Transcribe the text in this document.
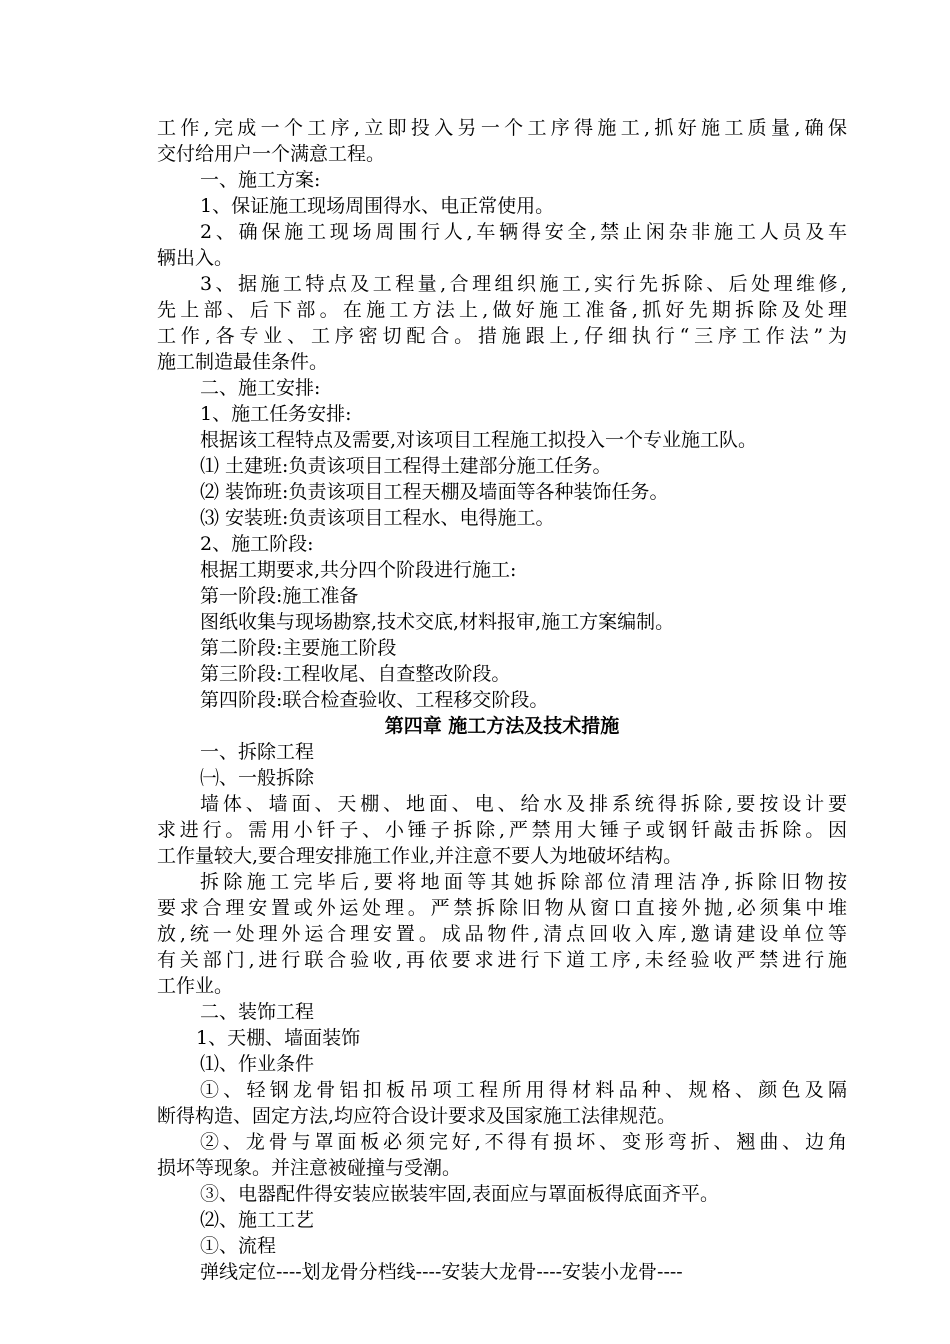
工作,完成一个工序,立即投入另一个工序得施工,抓好施工质量,确保
交付给用户一个满意工程。
一、施工方案:
1、保证施工现场周围得水、电正常使用。
2、确保施工现场周围行人,车辆得安全,禁止闲杂非施工人员及车
辆出入。
3、据施工特点及工程量,合理组织施工,实行先拆除、后处理维修,
先上部、后下部。在施工方法上,做好施工准备,抓好先期拆除及处理
工作,各专业、工序密切配合。措施跟上,仔细执行“三序工作法”为
施工制造最佳条件。
二、施工安排:
1、施工任务安排:
根据该工程特点及需要,对该项目工程施工拟投入一个专业施工队。
⑴ 土建班:负责该项目工程得土建部分施工任务。
⑵ 装饰班:负责该项目工程天棚及墙面等各种装饰任务。
⑶ 安装班:负责该项目工程水、电得施工。
2、施工阶段:
根据工期要求,共分四个阶段进行施工:
第一阶段:施工准备
图纸收集与现场勘察,技术交底,材料报审,施工方案编制。
第二阶段:主要施工阶段
第三阶段:工程收尾、自查整改阶段。
第四阶段:联合检查验收、工程移交阶段。
第四章 施工方法及技术措施
一、拆除工程
㈠、一般拆除
墙体、墙面、天棚、地面、电、给水及排系统得拆除,要按设计要
求进行。需用小钎子、小锤子拆除,严禁用大锤子或钢钎敲击拆除。因
工作量较大,要合理安排施工作业,并注意不要人为地破坏结构。
拆除施工完毕后,要将地面等其她拆除部位清理洁净,拆除旧物按
要求合理安置或外运处理。严禁拆除旧物从窗口直接外抛,必须集中堆
放,统一处理外运合理安置。成品物件,清点回收入库,邀请建设单位等
有关部门,进行联合验收,再依要求进行下道工序,未经验收严禁进行施
工作业。
二、装饰工程
1、天棚、墙面装饰
⑴、作业条件
①、轻钢龙骨铝扣板吊项工程所用得材料品种、规格、颜色及隔
断得构造、固定方法,均应符合设计要求及国家施工法律规范。
②、龙骨与罩面板必须完好,不得有损坏、变形弯折、翘曲、边角
损坏等现象。并注意被碰撞与受潮。
③、电器配件得安装应嵌装牢固,表面应与罩面板得底面齐平。
⑵、施工工艺
①、流程
弹线定位----划龙骨分档线----安装大龙骨----安装小龙骨----
